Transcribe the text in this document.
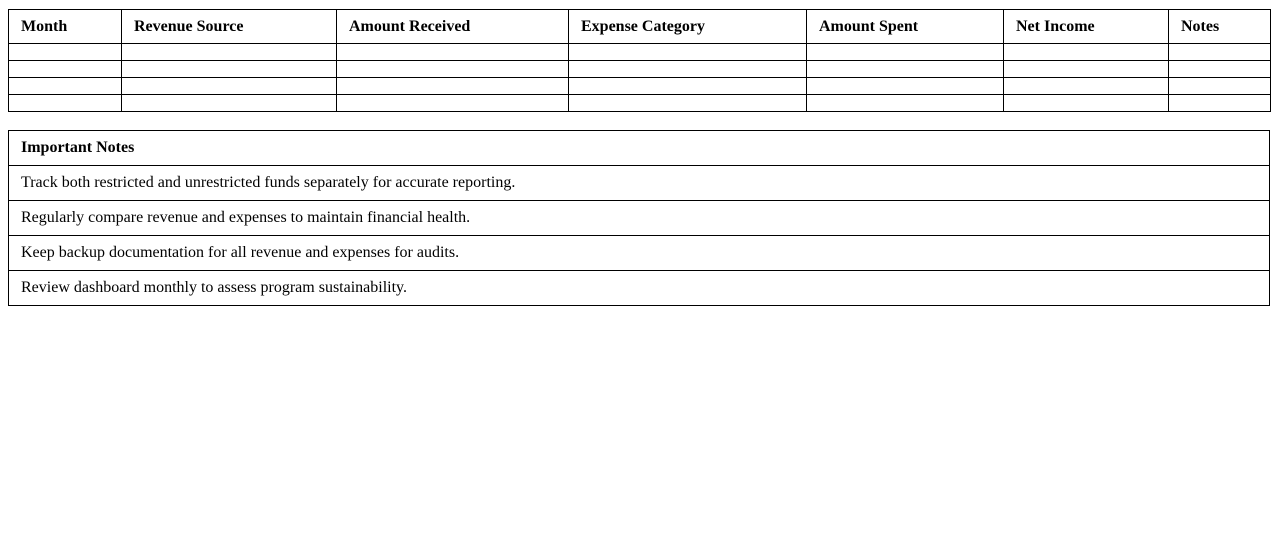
Month	Revenue Source	Amount Received	Expense Category	Amount Spent	Net Income	Notes

Important Notes
Track both restricted and unrestricted funds separately for accurate reporting.
Regularly compare revenue and expenses to maintain financial health.
Keep backup documentation for all revenue and expenses for audits.
Review dashboard monthly to assess program sustainability.
